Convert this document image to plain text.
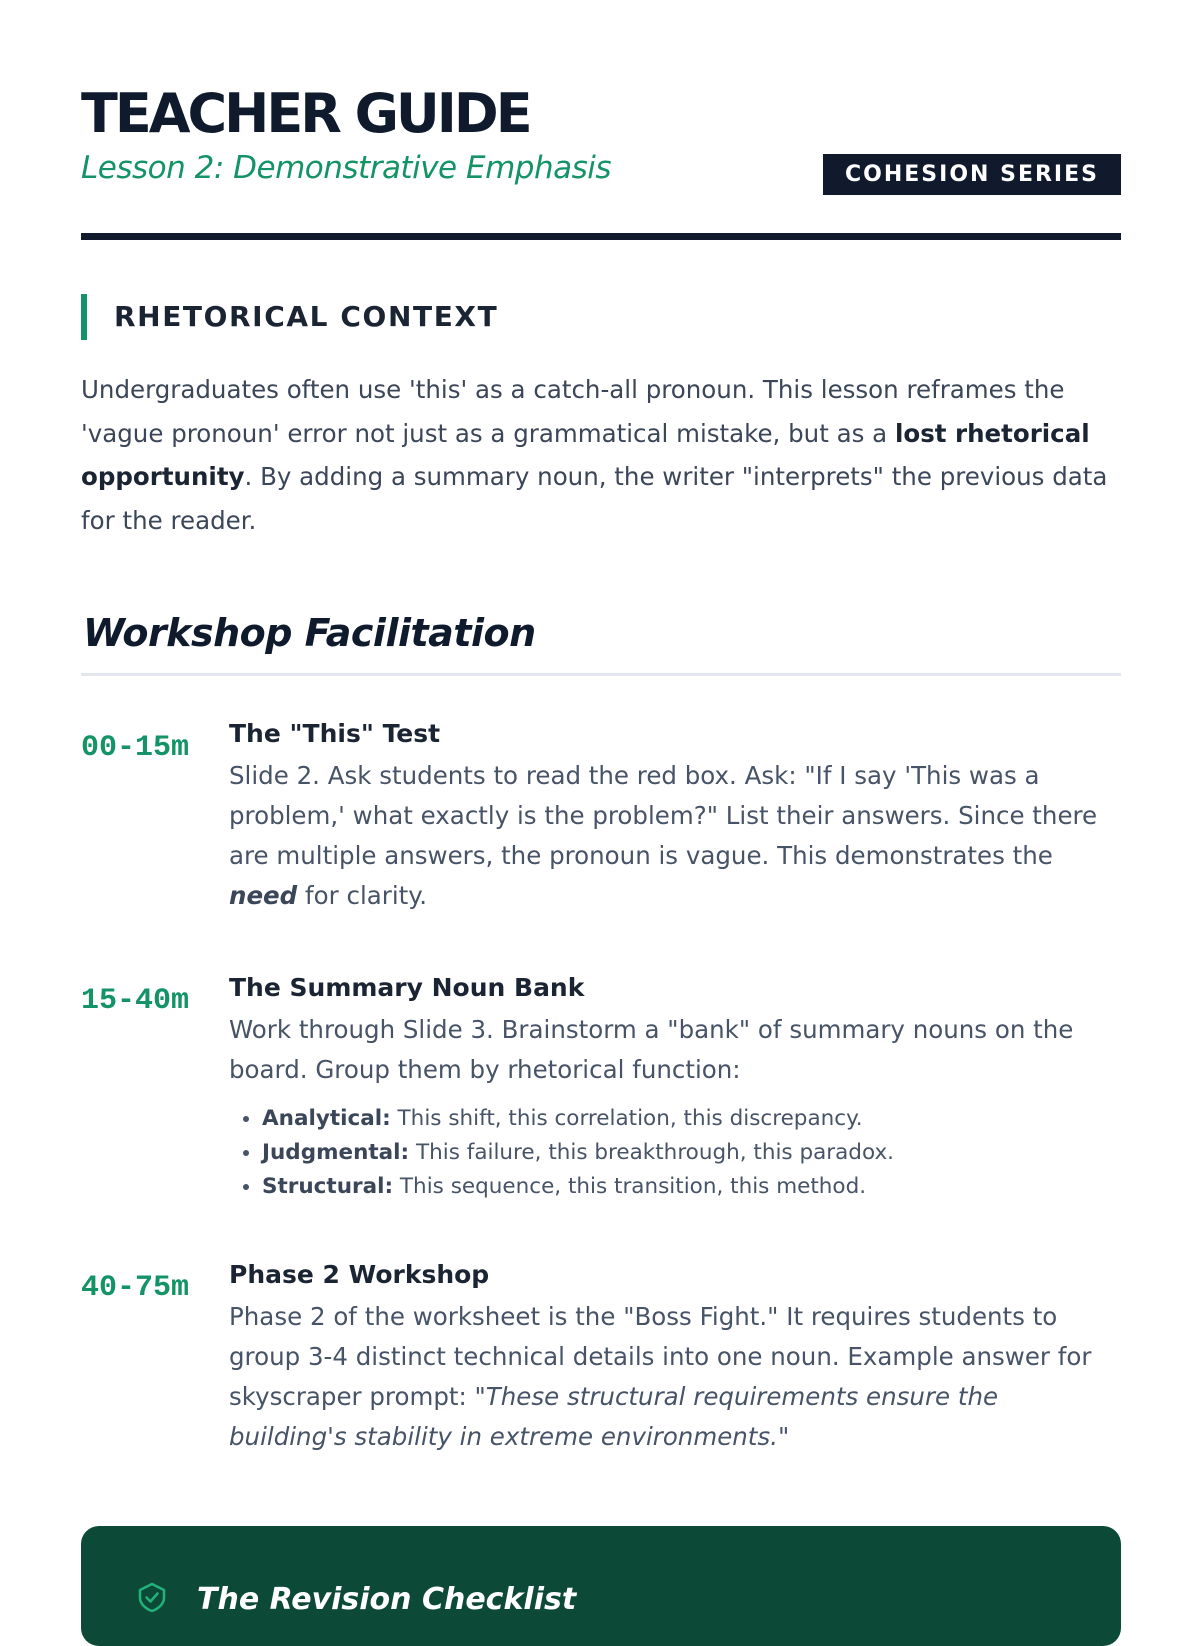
TEACHER GUIDE
Lesson 2: Demonstrative Emphasis	COHESION SERIES
RHETORICAL CONTEXT

Undergraduates often use 'this' as a catch-all pronoun. This lesson reframes the 'vague pronoun' error not just as a grammatical mistake, but as a lost rhetorical opportunity. By adding a summary noun, the writer "interprets" the previous data for the reader.

Workshop Facilitation
00-15m The "This" Test

Slide 2. Ask students to read the red box. Ask: "If I say 'This was a problem,' what exactly is the problem?" List their answers. Since there are multiple answers, the pronoun is vague. This demonstrates the need for clarity.

15-40m The Summary Noun Bank

Work through Slide 3. Brainstorm a "bank" of summary nouns on the board. Group them by rhetorical function:

• Analytical: This shift, this correlation, this discrepancy.
• Judgmental: This failure, this breakthrough, this paradox.
• Structural: This sequence, this transition, this method.
40-75m Phase 2 Workshop

Phase 2 of the worksheet is the "Boss Fight." It requires students to group 3-4 distinct technical details into one noun. Example answer for skyscraper prompt: "These structural requirements ensure the building's stability in extreme environments."

The Revision Checklist
